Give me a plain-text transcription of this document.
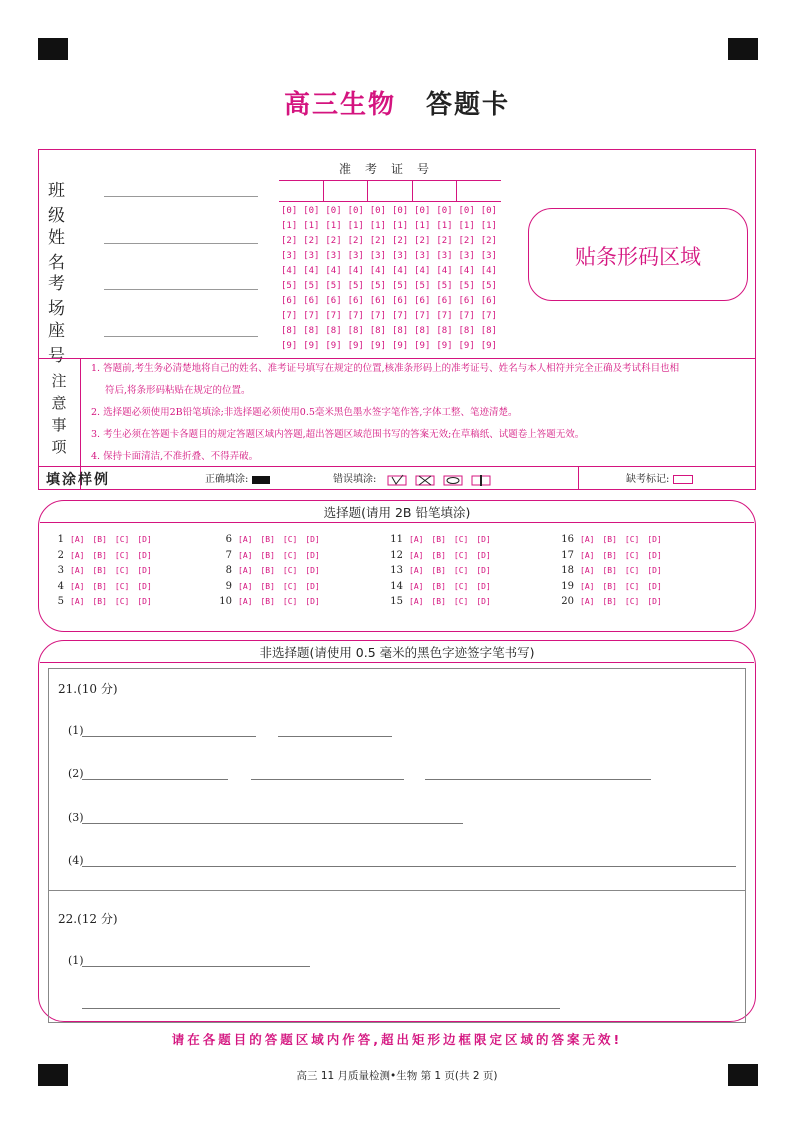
高三生物 答题卡
班级
姓名
考场
座号
准考证号
[0] [0] [0] [0] [0] [0] [0] [0] [0] [0]
[1] [1] [1] [1] [1] [1] [1] [1] [1] [1]
[2] [2] [2] [2] [2] [2] [2] [2] [2] [2]
[3] [3] [3] [3] [3] [3] [3] [3] [3] [3]
[4] [4] [4] [4] [4] [4] [4] [4] [4] [4]
[5] [5] [5] [5] [5] [5] [5] [5] [5] [5]
[6] [6] [6] [6] [6] [6] [6] [6] [6] [6]
[7] [7] [7] [7] [7] [7] [7] [7] [7] [7]
[8] [8] [8] [8] [8] [8] [8] [8] [8] [8]
[9] [9] [9] [9] [9] [9] [9] [9] [9] [9]
贴条形码区域
注意事项
1. 答题前,考生务必清楚地将自己的姓名、准考证号填写在规定的位置,核准条形码上的准考证号、姓名与本人相符并完全正确及考试科目也相
符后,将条形码粘贴在规定的位置。
2. 选择题必须使用2B铅笔填涂;非选择题必须使用0.5毫米黑色墨水签字笔作答,字体工整、笔迹清楚。
3. 考生必须在答题卡各题目的规定答题区域内答题,超出答题区域范围书写的答案无效;在草稿纸、试题卷上答题无效。
4. 保持卡面清洁,不准折叠、不得弄破。
填涂样例	正确填涂:	错误填涂:	缺考标记:
选择题(请用 2B 铅笔填涂)
1 [A] [B] [C] [D]
2 [A] [B] [C] [D]
3 [A] [B] [C] [D]
4 [A] [B] [C] [D]
5 [A] [B] [C] [D]
6 [A] [B] [C] [D]
7 [A] [B] [C] [D]
8 [A] [B] [C] [D]
9 [A] [B] [C] [D]
10 [A] [B] [C] [D]
11 [A] [B] [C] [D]
12 [A] [B] [C] [D]
13 [A] [B] [C] [D]
14 [A] [B] [C] [D]
15 [A] [B] [C] [D]
16 [A] [B] [C] [D]
17 [A] [B] [C] [D]
18 [A] [B] [C] [D]
19 [A] [B] [C] [D]
20 [A] [B] [C] [D]
非选择题(请使用 0.5 毫米的黑色字迹签字笔书写)
21.(10 分)
(1)
(2)
(3)
(4)
22.(12 分)
(1)
请在各题目的答题区域内作答,超出矩形边框限定区域的答案无效!
高三 11 月质量检测•生物 第 1 页(共 2 页)
